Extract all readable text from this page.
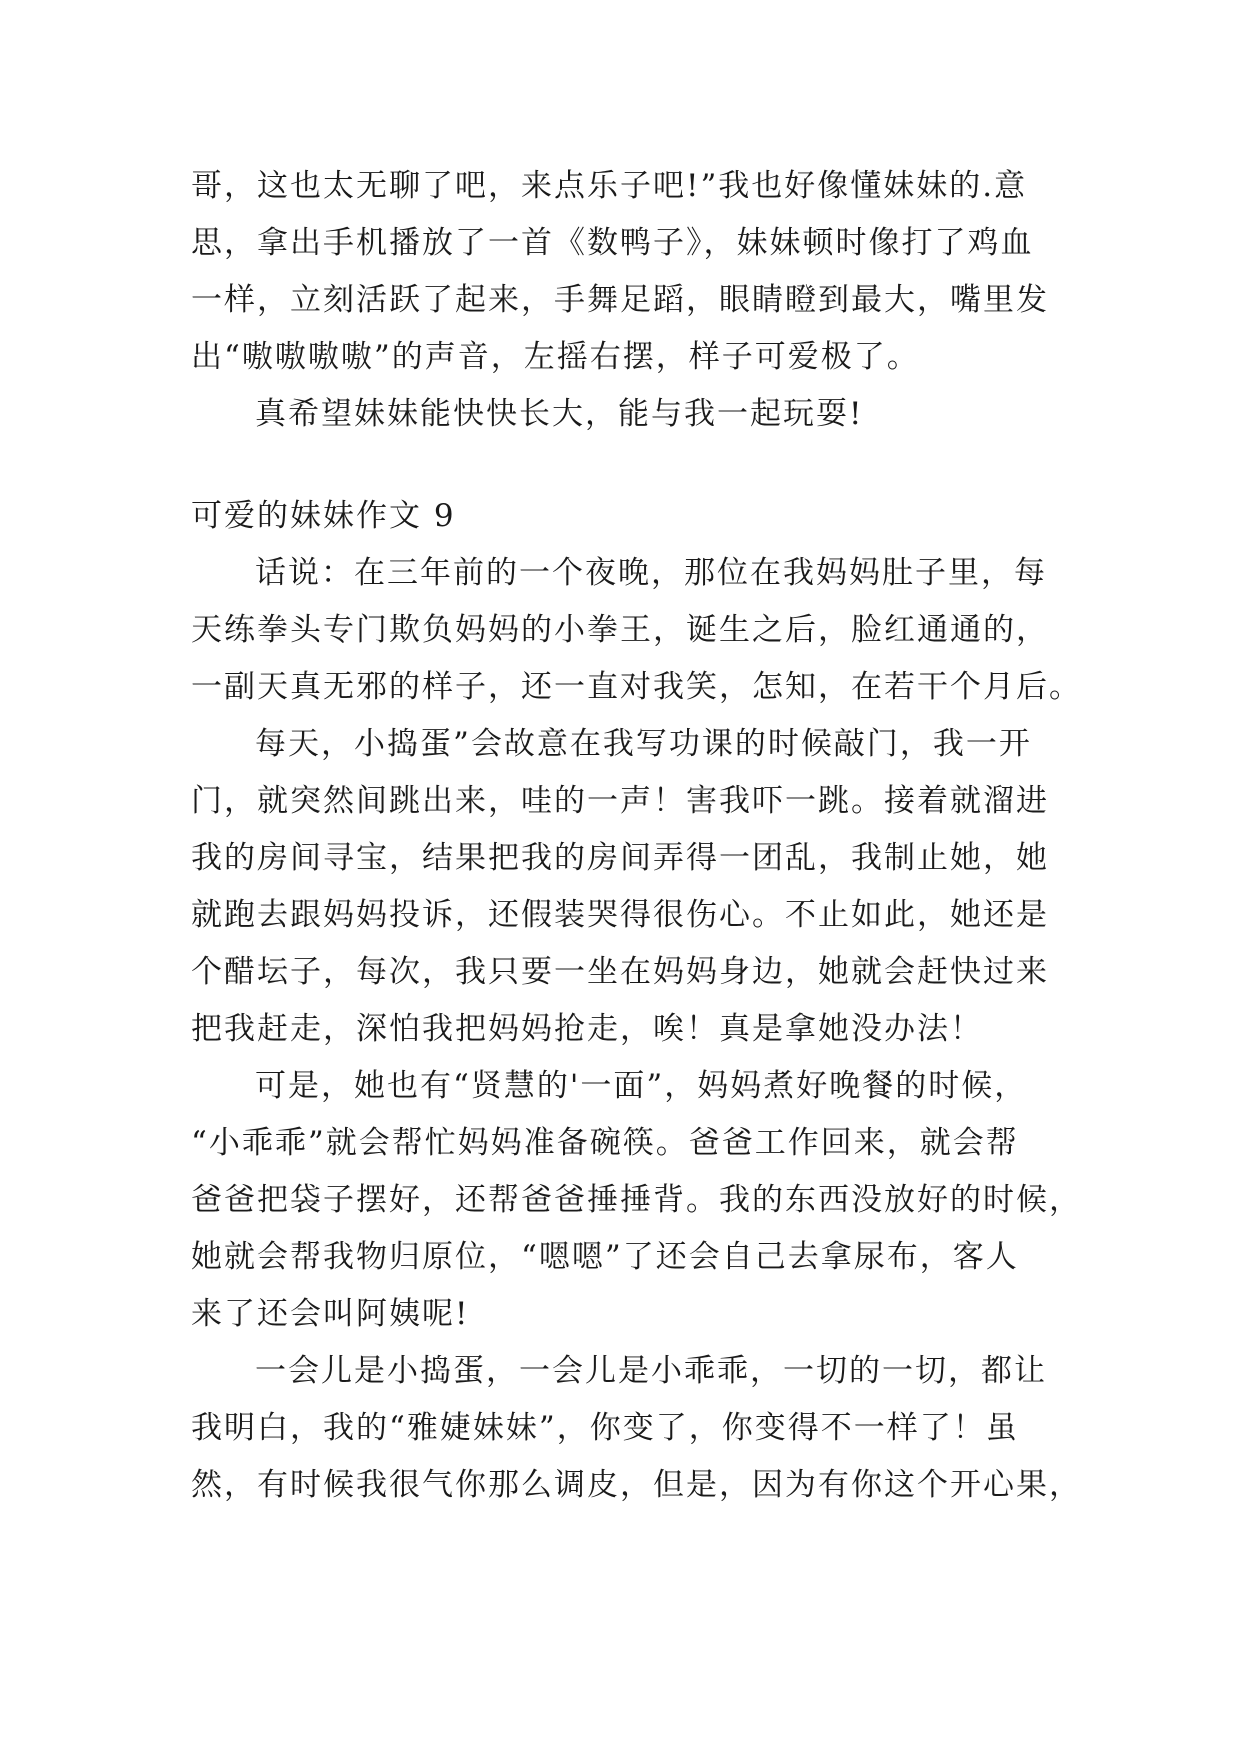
哥，这也太无聊了吧，来点乐子吧!”我也好像懂妹妹的.意
思，拿出手机播放了一首《数鸭子》，妹妹顿时像打了鸡血
一样，立刻活跃了起来，手舞足蹈，眼睛瞪到最大，嘴里发
出“嗷嗷嗷嗷”的声音，左摇右摆，样子可爱极了。
真希望妹妹能快快长大，能与我一起玩耍!
可爱的妹妹作文 9
话说：在三年前的一个夜晚，那位在我妈妈肚子里，每
天练拳头专门欺负妈妈的小拳王，诞生之后，脸红通通的，
一副天真无邪的样子，还一直对我笑，怎知，在若干个月后。
每天，小捣蛋”会故意在我写功课的时候敲门，我一开
门，就突然间跳出来，哇的一声！害我吓一跳。接着就溜进
我的房间寻宝，结果把我的房间弄得一团乱，我制止她，她
就跑去跟妈妈投诉，还假装哭得很伤心。不止如此，她还是
个醋坛子，每次，我只要一坐在妈妈身边，她就会赶快过来
把我赶走，深怕我把妈妈抢走，唉！真是拿她没办法！
可是，她也有“贤慧的'一面”，妈妈煮好晚餐的时候，
“小乖乖”就会帮忙妈妈准备碗筷。爸爸工作回来，就会帮
爸爸把袋子摆好，还帮爸爸捶捶背。我的东西没放好的时候，
她就会帮我物归原位，“嗯嗯”了还会自己去拿尿布，客人
来了还会叫阿姨呢!
一会儿是小捣蛋，一会儿是小乖乖，一切的一切，都让
我明白，我的“雅婕妹妹”，你变了，你变得不一样了！虽
然，有时候我很气你那么调皮，但是，因为有你这个开心果，
